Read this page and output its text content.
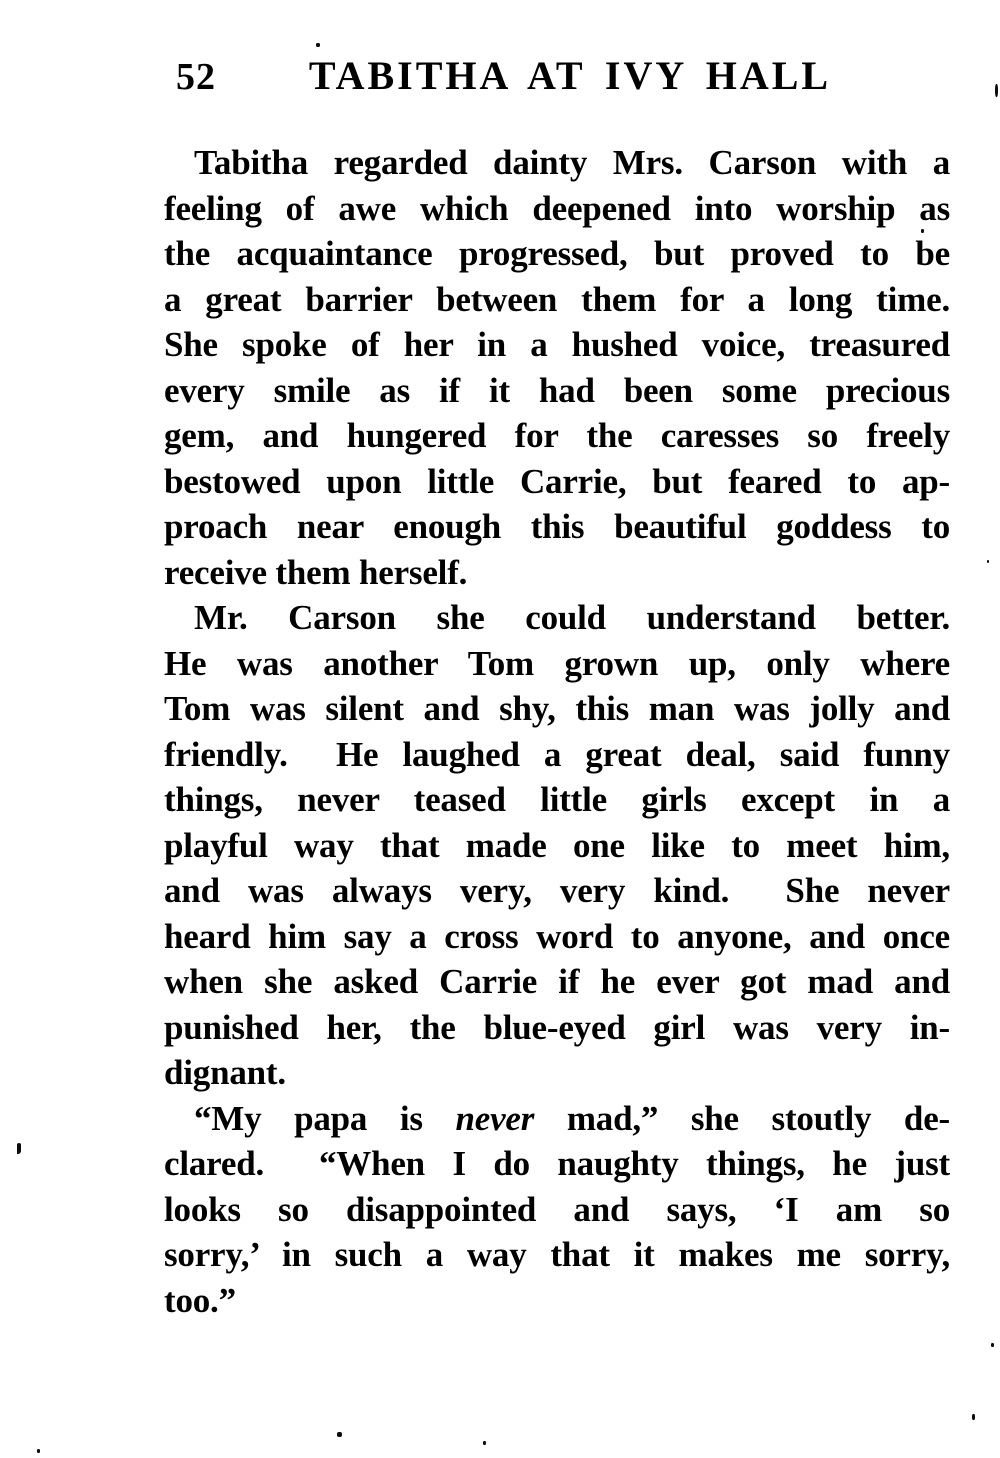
52	TABITHA AT IVY HALL
Tabitha regarded dainty Mrs. Carson with a
feeling of awe which deepened into worship as
the acquaintance progressed, but proved to be
a great barrier between them for a long time.
She spoke of her in a hushed voice, treasured
every smile as if it had been some precious
gem, and hungered for the caresses so freely
bestowed upon little Carrie, but feared to ap-
proach near enough this beautiful goddess to
receive them herself.
Mr. Carson she could understand better.
He was another Tom grown up, only where
Tom was silent and shy, this man was jolly and
friendly.  He laughed a great deal, said funny
things, never teased little girls except in a
playful way that made one like to meet him,
and was always very, very kind.  She never
heard him say a cross word to anyone, and once
when she asked Carrie if he ever got mad and
punished her, the blue-eyed girl was very in-
dignant.
“My papa is never mad,” she stoutly de-
clared.  “When I do naughty things, he just
looks so disappointed and says, ‘I am so
sorry,’ in such a way that it makes me sorry,
too.”
